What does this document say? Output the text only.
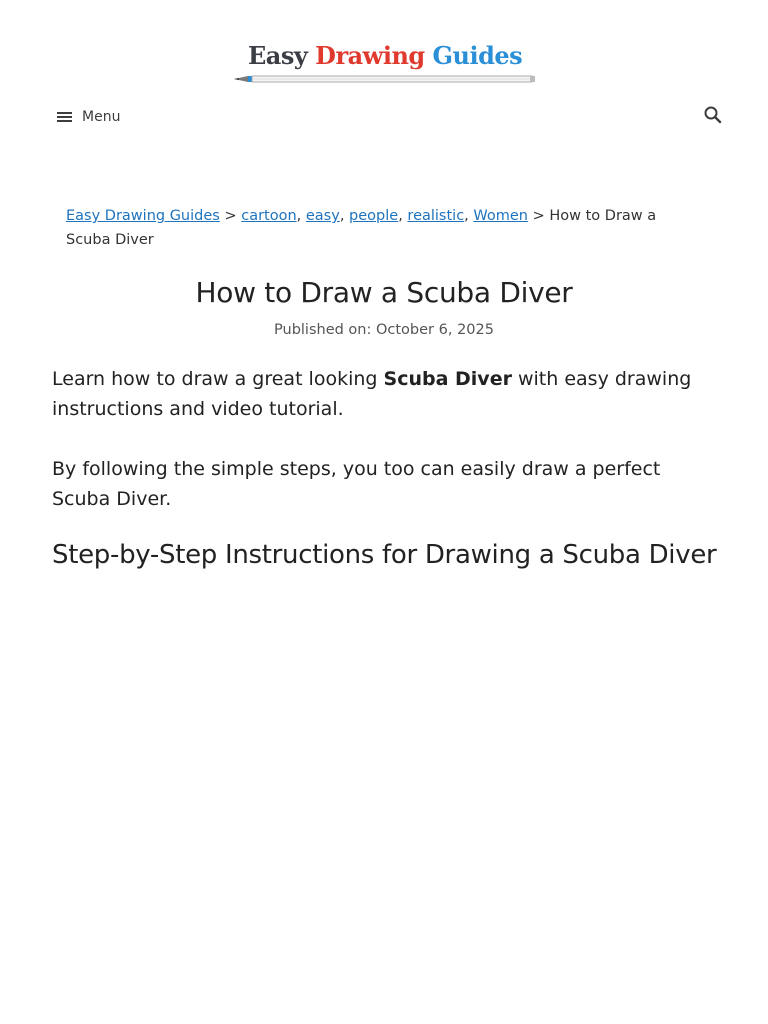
Easy Drawing Guides
Menu
Easy Drawing Guides > cartoon, easy, people, realistic, Women > How to Draw a Scuba Diver
How to Draw a Scuba Diver
Published on: October 6, 2025

Learn how to draw a great looking Scuba Diver with easy drawing instructions and video tutorial.

By following the simple steps, you too can easily draw a perfect Scuba Diver.

Step-by-Step Instructions for Drawing a Scuba Diver
